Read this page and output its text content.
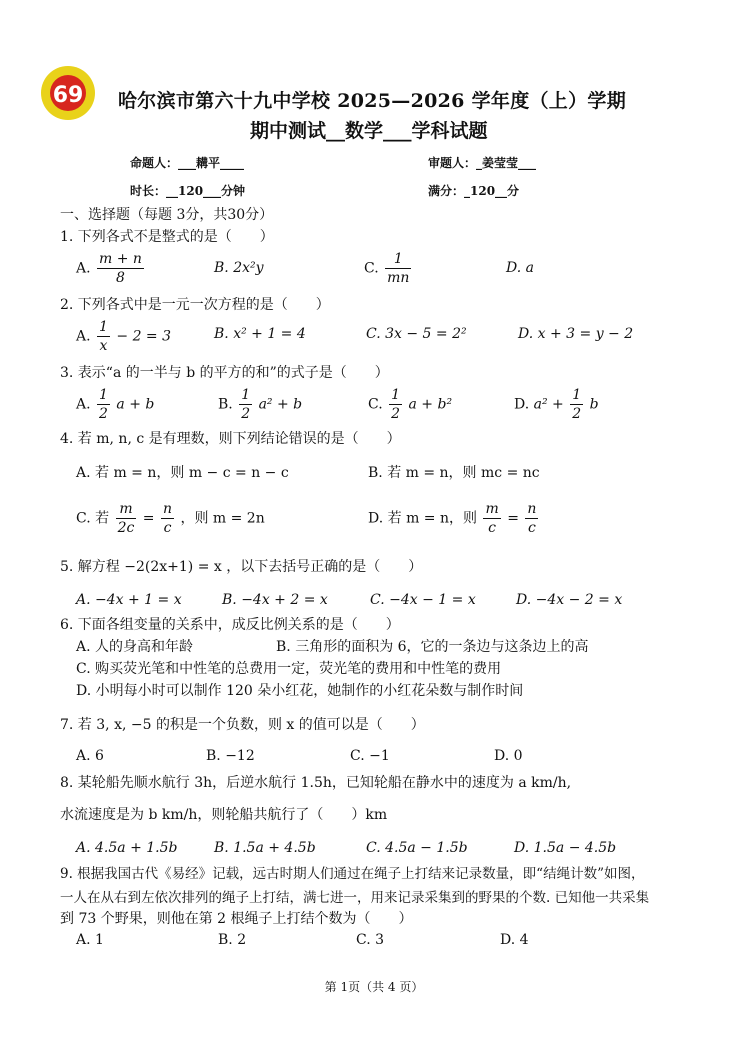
69 哈尔滨市第六十九中学校 2025—2026 学年度（上）学期
期中测试__数学___学科试题
命题人：___耩平____	审题人：_姜莹莹___
时长：__120___分钟	满分：_120__分
一、选择题（每题 3分，共30分）
1. 下列各式不是整式的是（　　）
A. $\frac{m + n}{8}$	B. 2x²y	C. $\frac{1}{mn}$	D. a
2. 下列各式中是一元一次方程的是（　　）
A. $\frac{1}{x} - 2 = 3$	B. x² + 1 = 4	C. 3x − 5 = 2²	D. x + 3 = y − 2
3. 表示“a 的一半与 b 的平方的和”的式子是（　　）
A. $\frac{1}{2}$ a + b	B. $\frac{1}{2} a^2 + b$	C. $\frac{1}{2}$ a + b²	D. $a^2 + \frac{1}{2}$ b
4. 若 m, n, c 是有理数，则下列结论错误的是（　　）
A. 若 m = n，则 m − c = n − c	B. 若 m = n，则 mc = nc
C. 若 $\frac{m}{2c} = \frac{n}{c}$ ，则 m = 2n	D. 若 m = n，则 $\frac{m}{c} = \frac{n}{c}$
5. 解方程 −2(2x+1) = x ，以下去括号正确的是（　　）
A. −4x + 1 = x	B. −4x + 2 = x	C. −4x − 1 = x	D. −4x − 2 = x
6. 下面各组变量的关系中，成反比例关系的是（　　）
A. 人的身高和年龄	B. 三角形的面积为 6，它的一条边与这条边上的高
C. 购买荧光笔和中性笔的总费用一定，荧光笔的费用和中性笔的费用
D. 小明每小时可以制作 120 朵小红花，她制作的小红花朵数与制作时间
7. 若 3, x, −5 的积是一个负数，则 x 的值可以是（　　）
A. 6	B. −12	C. −1	D. 0
8. 某轮船先顺水航行 3h，后逆水航行 1.5h，已知轮船在静水中的速度为 a km/h,
水流速度是为 b km/h，则轮船共航行了（　　）km
A. 4.5a + 1.5b	B. 1.5a + 4.5b	C. 4.5a − 1.5b	D. 1.5a − 4.5b
9. 根据我国古代《易经》记载，远古时期人们通过在绳子上打结来记录数量，即“结绳计数”如图，
一人在从右到左依次排列的绳子上打结，满七进一，用来记录采集到的野果的个数. 已知他一共采集
到 73 个野果，则他在第 2 根绳子上打结个数为（　　）
A. 1	B. 2	C. 3	D. 4
第 1页（共 4 页）
